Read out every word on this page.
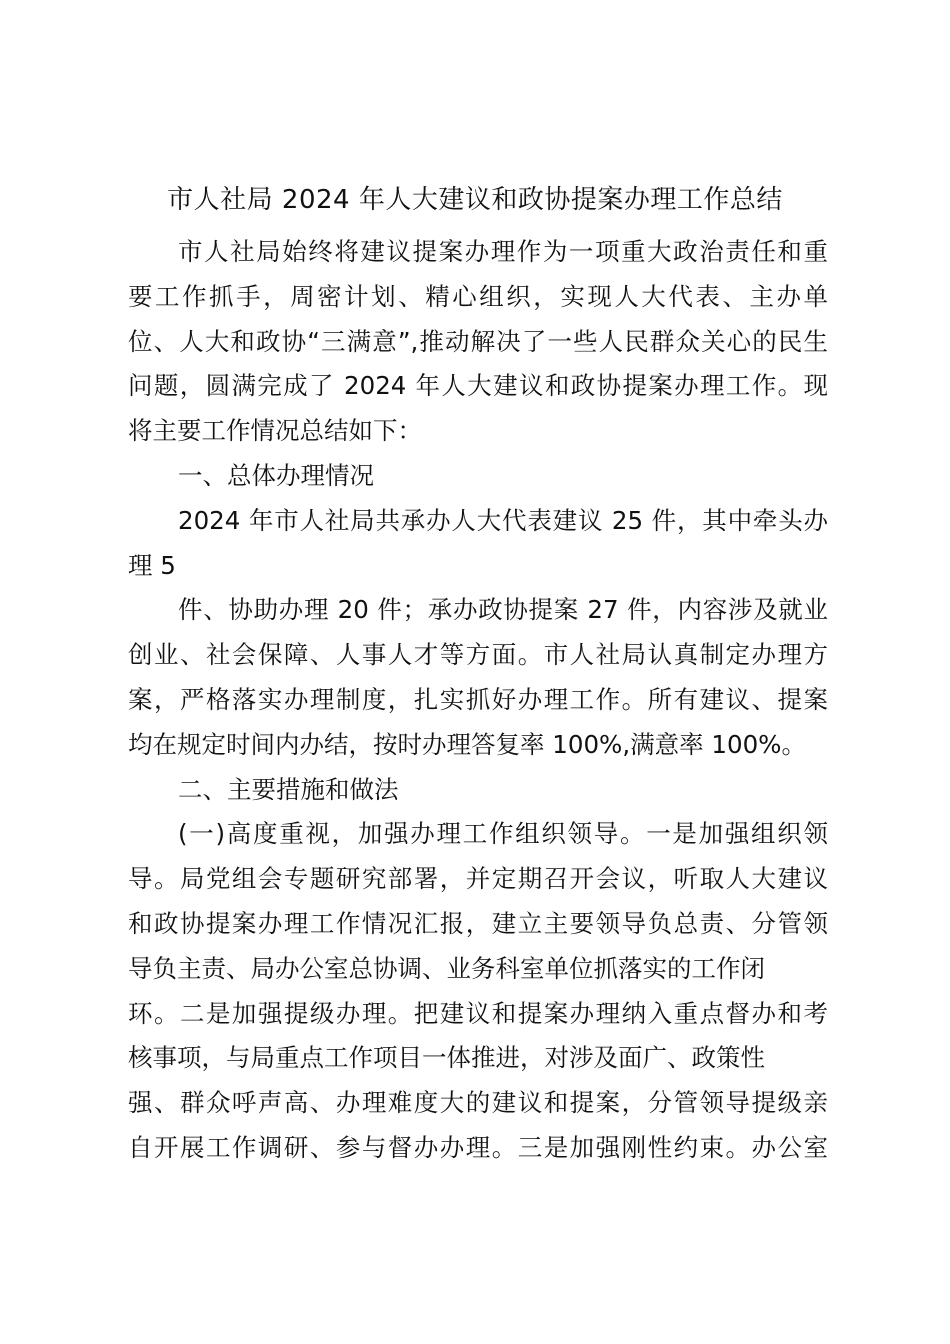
市人社局 2024 年人大建议和政协提案办理工作总结
市人社局始终将建议提案办理作为一项重大政治责任和重
要工作抓手，周密计划、精心组织，实现人大代表、主办单
位、人大和政协“三满意”,推动解决了一些人民群众关心的民生
问题，圆满完成了 2024 年人大建议和政协提案办理工作。现
将主要工作情况总结如下：
一、总体办理情况
2024 年市人社局共承办人大代表建议 25 件，其中牵头办
理 5
件、协助办理 20 件；承办政协提案 27 件，内容涉及就业
创业、社会保障、人事人才等方面。市人社局认真制定办理方
案，严格落实办理制度，扎实抓好办理工作。所有建议、提案
均在规定时间内办结，按时办理答复率 100%,满意率 100%。
二、主要措施和做法
(一)高度重视，加强办理工作组织领导。一是加强组织领
导。局党组会专题研究部署，并定期召开会议，听取人大建议
和政协提案办理工作情况汇报，建立主要领导负总责、分管领
导负主责、局办公室总协调、业务科室单位抓落实的工作闭
环。二是加强提级办理。把建议和提案办理纳入重点督办和考
核事项，与局重点工作项目一体推进，对涉及面广、政策性
强、群众呼声高、办理难度大的建议和提案，分管领导提级亲
自开展工作调研、参与督办办理。三是加强刚性约束。办公室
